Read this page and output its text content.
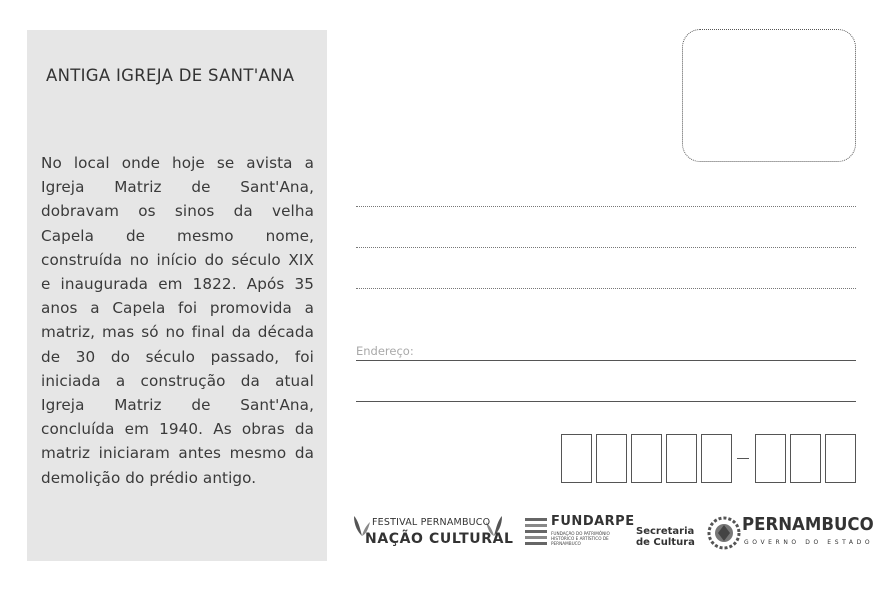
ANTIGA IGREJA DE SANT'ANA
No local onde hoje se avista a Igreja Matriz de Sant'Ana, dobravam os sinos da velha Capela de mesmo nome, construída no início do século XIX e inaugurada em 1822. Após 35 anos a Capela foi promovida a matriz, mas só no final da década de 30 do século passado, foi iniciada a construção da atual Igreja Matriz de Sant'Ana, concluída em 1940. As obras da matriz iniciaram antes mesmo da demolição do prédio antigo.
Endereço:
FESTIVAL PERNAMBUCO
NAÇÃO CULTURAL
FUNDARPE
FUNDAÇÃO DO PATRIMÔNIO HISTÓRICO E ARTÍSTICO DE PERNAMBUCO
Secretaria
de Cultura
PERNAMBUCO
GOVERNO DO ESTADO
